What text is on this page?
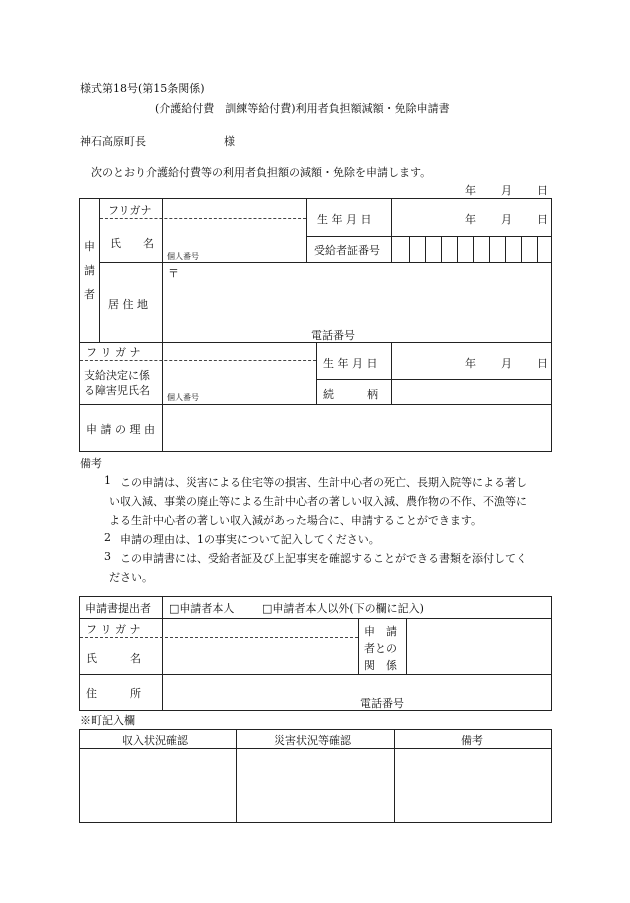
様式第18号(第15条関係)
(介護給付費　訓練等給付費)利用者負担額減額・免除申請書
神石高原町長	様
次のとおり介護給付費等の利用者負担額の減額・免除を申請します。
年 月 日
申
請
者
フリガナ
氏　　名
個人番号
生 年 月 日	年 月 日
受給者証番号
居 住 地
〒
電話番号
フ リ ガ ナ
支給決定に係
る障害児氏名
個人番号
生 年 月 日	年 月 日
続　　　柄
申 請 の 理 由
備考
1 この申請は、災害による住宅等の損害、生計中心者の死亡、長期入院等による著し
い収入減、事業の廃止等による生計中心者の著しい収入減、農作物の不作、不漁等に
よる生計中心者の著しい収入減があった場合に、申請することができます。
2 申請の理由は、1の事実について記入してください。
3 この申請書には、受給者証及び上記事実を確認することができる書類を添付してく
ださい。
申請書提出者 □申請者本人	□申請者本人以外(下の欄に記入)
フ リ ガ ナ
氏　　　名
申　請
者との
関　係
住　　　所
電話番号
※町記入欄
収入状況確認	災害状況等確認	備考
